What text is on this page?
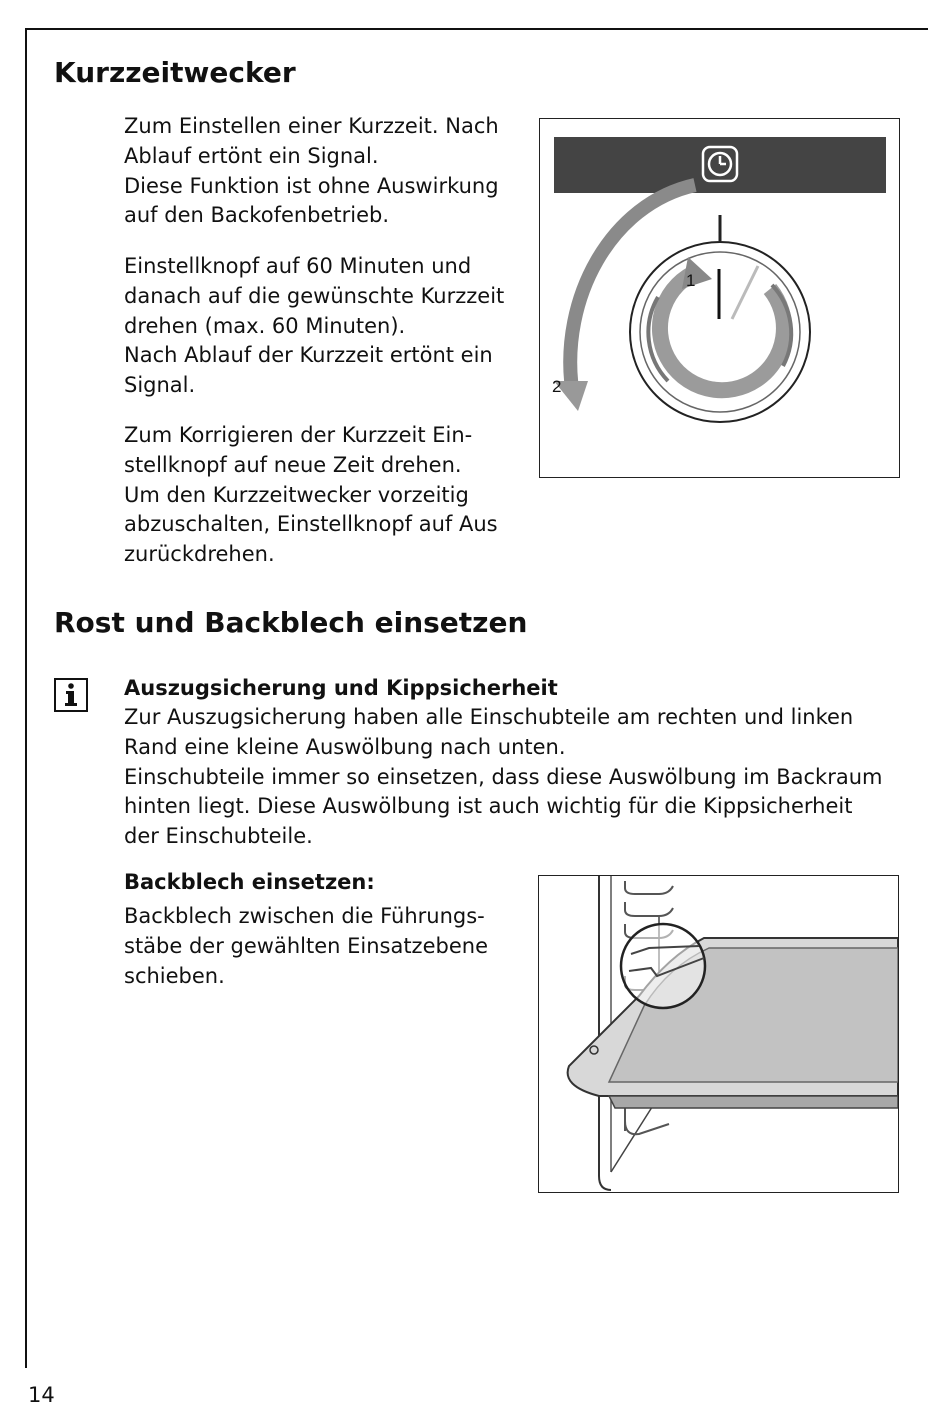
Kurzzeitwecker

Zum Einstellen einer Kurzzeit. Nach
Ablauf ertönt ein Signal.
Diese Funktion ist ohne Auswirkung
auf den Backofenbetrieb.

Einstellknopf auf 60 Minuten und
danach auf die gewünschte Kurzzeit
drehen (max. 60 Minuten).
Nach Ablauf der Kurzzeit ertönt ein
Signal.

Zum Korrigieren der Kurzzeit Ein-
stellknopf auf neue Zeit drehen.
Um den Kurzzeitwecker vorzeitig
abzuschalten, Einstellknopf auf Aus
zurückdrehen.

1
2
Rost und Backblech einsetzen

Auszugsicherung und Kippsicherheit

Zur Auszugsicherung haben alle Einschubteile am rechten und linken
Rand eine kleine Auswölbung nach unten.
Einschubteile immer so einsetzen, dass diese Auswölbung im Backraum
hinten liegt. Diese Auswölbung ist auch wichtig für die Kippsicherheit
der Einschubteile.

Backblech einsetzen:

Backblech zwischen die Führungs-
stäbe der gewählten Einsatzebene
schieben.

14
